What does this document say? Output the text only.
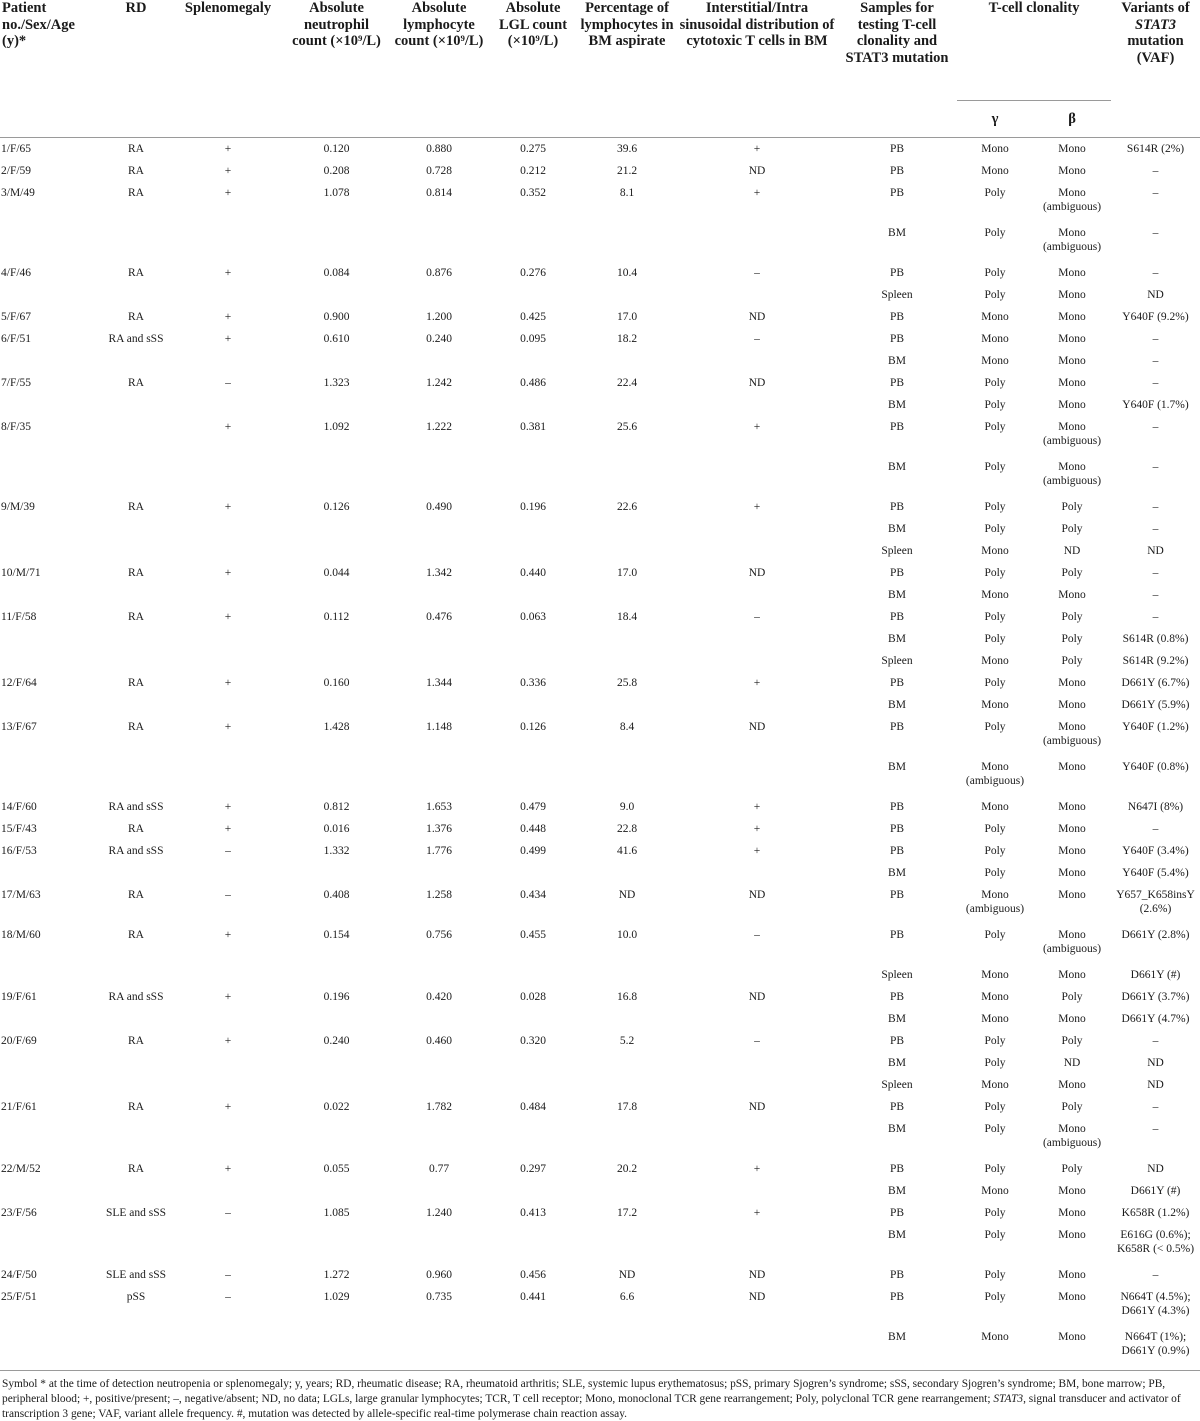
Patient no./Sex/Age (y)*	RD	Splenomegaly	Absolute neutrophil count (×10⁹/L)	Absolute lymphocyte count (×10⁹/L)	Absolute LGL count (×10⁹/L)	Percentage of lymphocytes in BM aspirate	Interstitial/Intra sinusoidal distribution of cytotoxic T cells in BM	Samples for testing T-cell clonality and STAT3 mutation	T-cell clonality		Variants of STAT3 mutation (VAF)
									γ	β	
1/F/65	RA	+	0.120	0.880	0.275	39.6	+	PB	Mono	Mono	S614R (2%)
2/F/59	RA	+	0.208	0.728	0.212	21.2	ND	PB	Mono	Mono	–
3/M/49	RA	+	1.078	0.814	0.352	8.1	+	PB	Poly	Mono (ambiguous)	–
								BM	Poly	Mono (ambiguous)	–
4/F/46	RA	+	0.084	0.876	0.276	10.4	–	PB	Poly	Mono	–
								Spleen	Poly	Mono	ND
5/F/67	RA	+	0.900	1.200	0.425	17.0	ND	PB	Mono	Mono	Y640F (9.2%)
6/F/51	RA and sSS	+	0.610	0.240	0.095	18.2	–	PB	Mono	Mono	–
								BM	Mono	Mono	–
7/F/55	RA	–	1.323	1.242	0.486	22.4	ND	PB	Poly	Mono	–
								BM	Poly	Mono	Y640F (1.7%)
8/F/35		+	1.092	1.222	0.381	25.6	+	PB	Poly	Mono (ambiguous)	–
								BM	Poly	Mono (ambiguous)	–
9/M/39	RA	+	0.126	0.490	0.196	22.6	+	PB	Poly	Poly	–
								BM	Poly	Poly	–
								Spleen	Mono	ND	ND
10/M/71	RA	+	0.044	1.342	0.440	17.0	ND	PB	Poly	Poly	–
								BM	Mono	Mono	–
11/F/58	RA	+	0.112	0.476	0.063	18.4	–	PB	Poly	Poly	–
								BM	Poly	Poly	S614R (0.8%)
								Spleen	Mono	Poly	S614R (9.2%)
12/F/64	RA	+	0.160	1.344	0.336	25.8	+	PB	Poly	Mono	D661Y (6.7%)
								BM	Mono	Mono	D661Y (5.9%)
13/F/67	RA	+	1.428	1.148	0.126	8.4	ND	PB	Poly	Mono (ambiguous)	Y640F (1.2%)
								BM	Mono (ambiguous)	Mono	Y640F (0.8%)
14/F/60	RA and sSS	+	0.812	1.653	0.479	9.0	+	PB	Mono	Mono	N647I (8%)
15/F/43	RA	+	0.016	1.376	0.448	22.8	+	PB	Poly	Mono	–
16/F/53	RA and sSS	–	1.332	1.776	0.499	41.6	+	PB	Poly	Mono	Y640F (3.4%)
								BM	Poly	Mono	Y640F (5.4%)
17/M/63	RA	–	0.408	1.258	0.434	ND	ND	PB	Mono (ambiguous)	Mono	Y657_K658insY (2.6%)
18/M/60	RA	+	0.154	0.756	0.455	10.0	–	PB	Poly	Mono (ambiguous)	D661Y (2.8%)
								Spleen	Mono	Mono	D661Y (#)
19/F/61	RA and sSS	+	0.196	0.420	0.028	16.8	ND	PB	Mono	Poly	D661Y (3.7%)
								BM	Mono	Mono	D661Y (4.7%)
20/F/69	RA	+	0.240	0.460	0.320	5.2	–	PB	Poly	Poly	–
								BM	Poly	ND	ND
								Spleen	Mono	Mono	ND
21/F/61	RA	+	0.022	1.782	0.484	17.8	ND	PB	Poly	Poly	–
								BM	Poly	Mono (ambiguous)	–
22/M/52	RA	+	0.055	0.77	0.297	20.2	+	PB	Poly	Poly	ND
								BM	Mono	Mono	D661Y (#)
23/F/56	SLE and sSS	–	1.085	1.240	0.413	17.2	+	PB	Poly	Mono	K658R (1.2%)
								BM	Poly	Mono	E616G (0.6%); K658R (< 0.5%)
24/F/50	SLE and sSS	–	1.272	0.960	0.456	ND	ND	PB	Poly	Mono	–
25/F/51	pSS	–	1.029	0.735	0.441	6.6	ND	PB	Poly	Mono	N664T (4.5%); D661Y (4.3%)
								BM	Mono	Mono	N664T (1%); D661Y (0.9%)
Symbol * at the time of detection neutropenia or splenomegaly; y, years; RD, rheumatic disease; RA, rheumatoid arthritis; SLE, systemic lupus erythematosus; pSS, primary Sjogren’s syndrome; sSS, secondary Sjogren’s syndrome; BM, bone marrow; PB, peripheral blood; +, positive/present; –, negative/absent; ND, no data; LGLs, large granular lymphocytes; TCR, T cell receptor; Mono, monoclonal TCR gene rearrangement; Poly, polyclonal TCR gene rearrangement; STAT3, signal transducer and activator of transcription 3 gene; VAF, variant allele frequency. #, mutation was detected by allele-specific real-time polymerase chain reaction assay.
